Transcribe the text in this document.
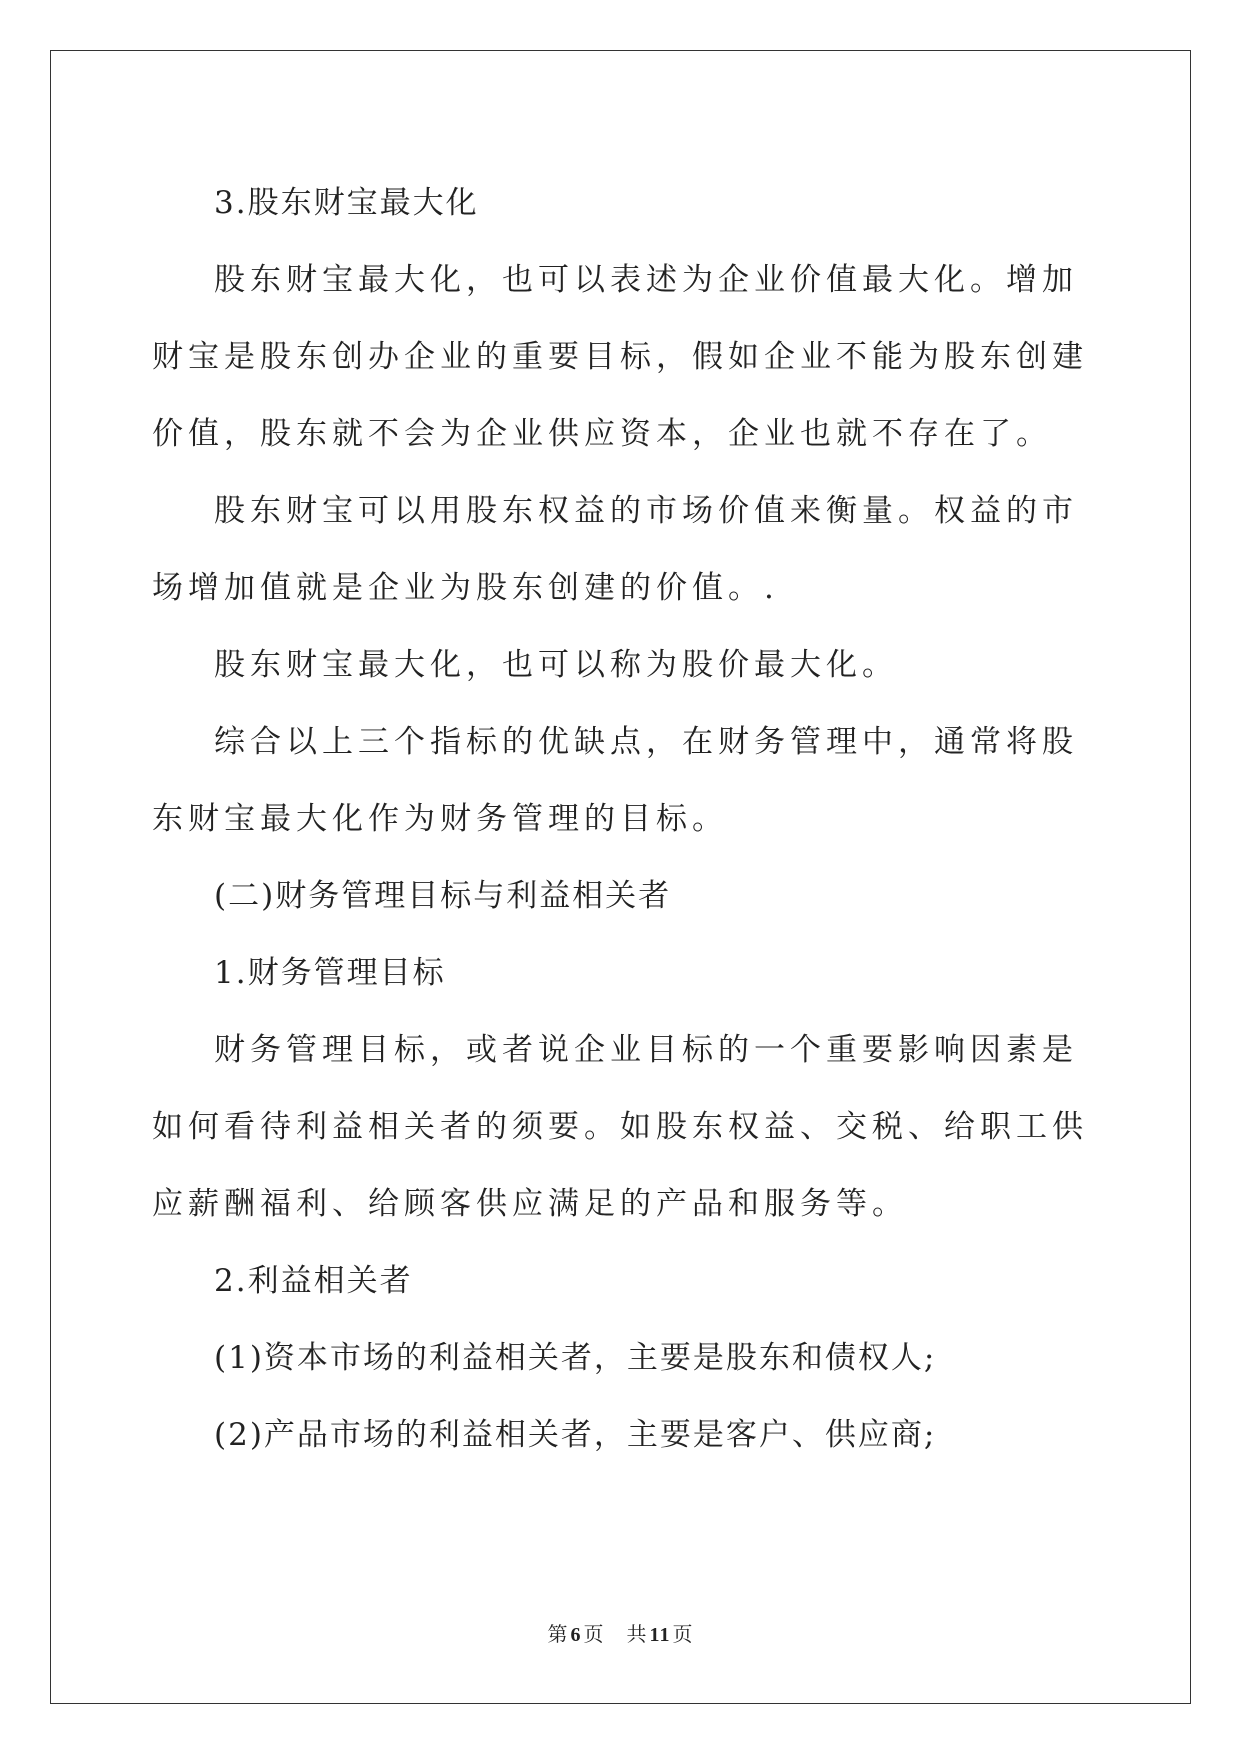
3.股东财宝最大化

股东财宝最大化，也可以表述为企业价值最大化。增加财宝是股东创办企业的重要目标，假如企业不能为股东创建价值，股东就不会为企业供应资本，企业也就不存在了。

股东财宝可以用股东权益的市场价值来衡量。权益的市场增加值就是企业为股东创建的价值。.

股东财宝最大化，也可以称为股价最大化。

综合以上三个指标的优缺点，在财务管理中，通常将股东财宝最大化作为财务管理的目标。

(二)财务管理目标与利益相关者

1.财务管理目标

财务管理目标，或者说企业目标的一个重要影响因素是如何看待利益相关者的须要。如股东权益、交税、给职工供应薪酬福利、给顾客供应满足的产品和服务等。

2.利益相关者

(1)资本市场的利益相关者，主要是股东和债权人;

(2)产品市场的利益相关者，主要是客户、供应商;

第 6 页 共 11 页
